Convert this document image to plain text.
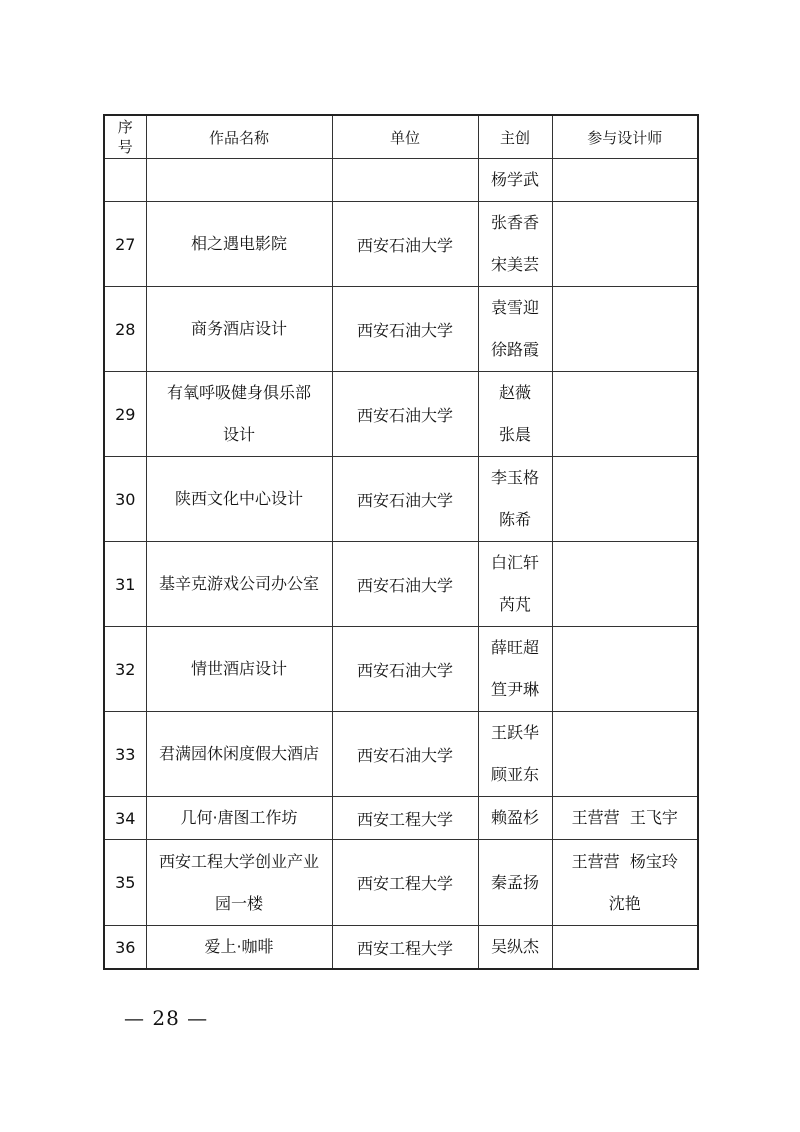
序
号	作品名称	单位	主创	参与设计师

			杨学武	

27	相之遇电影院	西安石油大学	张香香
宋美芸	

28	商务酒店设计	西安石油大学	袁雪迎
徐路霞	

29	有氧呼吸健身俱乐部
设计	西安石油大学	赵薇
张晨	

30	陕西文化中心设计	西安石油大学	李玉格
陈希	

31	基辛克游戏公司办公室	西安石油大学	白汇轩
芮芃	

32	情世酒店设计	西安石油大学	薛旺超
笪尹琳	

33	君满园休闲度假大酒店	西安石油大学	王跃华
顾亚东	

34	几何·唐图工作坊	西安工程大学	赖盈杉	王营营  王飞宇

35	西安工程大学创业产业
园一楼	西安工程大学	秦孟扬	王营营  杨宝玲
沈艳

36	爱上·咖啡	西安工程大学	吴纵杰	

— 28 —
